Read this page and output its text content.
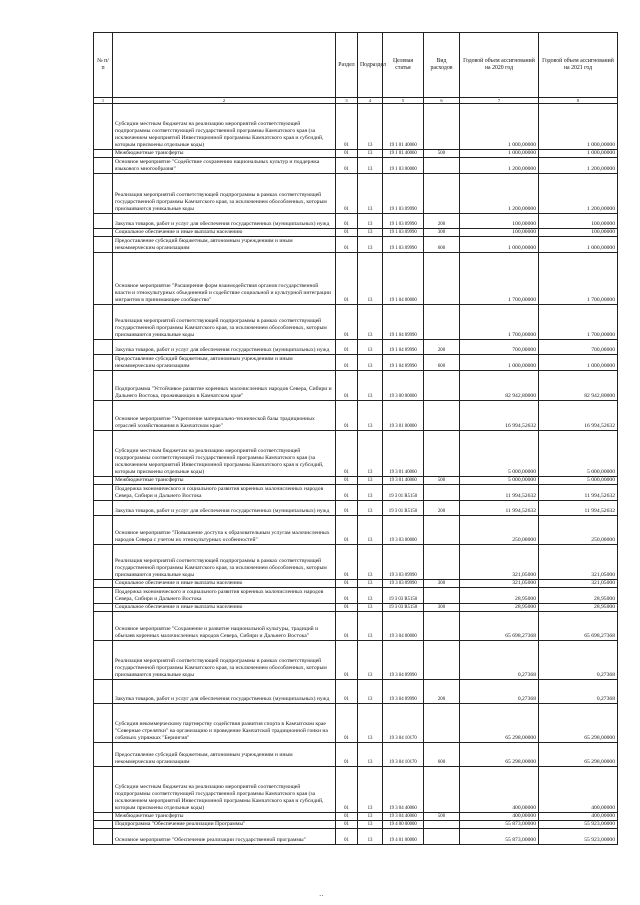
№ п/п		Раздел	Подраздел	Целевая статья	Вид расходов	Годовой объем ассигнований на 2020 год	Годовой объем ассигнований на 2021 год
1	2	3	4	5	6	7	8
	Субсидии местным бюджетам на реализацию мероприятий соответствующей подпрограммы соответствующей государственной программы Камчатского края (за исключением мероприятий Инвестиционной программы Камчатского края и субсидий, которым присвоены отдельные коды)	01	13	19 1 01 40060		1 000,00000	1 000,00000
	Межбюджетные трансферты	01	13	19 1 01 40060	500	1 000,00000	1 000,00000
	Основное мероприятие "Содействие сохранению национальных культур и поддержка языкового многообразия"	01	13	19 1 03 00000		1 200,00000	1 200,00000
	Реализация мероприятий соответствующей подпрограммы в рамках соответствующей государственной программы Камчатского края, за исключением обособленных, которым присваиваются уникальные коды	01	13	19 1 03 09990		1 200,00000	1 200,00000
	Закупка товаров, работ и услуг для обеспечения государственных (муниципальных) нужд	01	13	19 1 03 09990	200	100,00000	100,00000
	Социальное обеспечение и иные выплаты населению	01	13	19 1 03 09990	300	100,00000	100,00000
	Предоставление субсидий бюджетным, автономным учреждениям и иным некоммерческим организациям	01	13	19 1 03 09990	600	1 000,00000	1 000,00000
	Основное мероприятие "Расширение форм взаимодействия органов государственной власти и этнокультурных объединений и содействие социальной и культурной интеграции мигрантов в принимающее сообщество"	01	13	19 1 04 00000		1 700,00000	1 700,00000
	Реализация мероприятий соответствующей подпрограммы в рамках соответствующей государственной программы Камчатского края, за исключением обособленных, которым присваиваются уникальные коды	01	13	19 1 04 09990		1 700,00000	1 700,00000
	Закупка товаров, работ и услуг для обеспечения государственных (муниципальных) нужд	01	13	19 1 04 09990	200	700,00000	700,00000
	Предоставление субсидий бюджетным, автономным учреждениям и иным некоммерческим организациям	01	13	19 1 04 09990	600	1 000,00000	1 000,00000
	Подпрограмма "Устойчивое развитие коренных малочисленных народов Севера, Сибири и Дальнего Востока, проживающих в Камчатском крае"	01	13	19 3 00 00000		82 942,80000	82 942,80000
	Основное мероприятие "Укрепление материально-технической базы традиционных отраслей хозяйствования в Камчатском крае"	01	13	19 3 01 00000		16 994,52632	16 994,52632
	Субсидии местным бюджетам на реализацию мероприятий соответствующей подпрограммы соответствующей государственной программы Камчатского края (за исключением мероприятий Инвестиционной программы Камчатского края и субсидий, которым присвоены отдельные коды)	01	13	19 3 01 40060		5 000,00000	5 000,00000
	Межбюджетные трансферты	01	13	19 3 01 40060	500	5 000,00000	5 000,00000
	Поддержка экономического и социального развития коренных малочисленных народов Севера, Сибири и Дальнего Востока	01	13	19 3 01 R5150		11 994,52632	11 994,52632
	Закупка товаров, работ и услуг для обеспечения государственных (муниципальных) нужд	01	13	19 3 01 R5150	200	11 994,52632	11 994,52632
	Основное мероприятие "Повышение доступа к образовательным услугам малочисленных народов Севера с учетом их этнокультурных особенностей"	01	13	19 3 03 00000		250,00000	250,00000
	Реализация мероприятий соответствующей подпрограммы в рамках соответствующей государственной программы Камчатского края, за исключением обособленных, которым присваиваются уникальные коды	01	13	19 3 03 09990		321,05000	321,05000
	Социальное обеспечение и иные выплаты населению	01	13	19 3 03 09990	300	321,05000	321,05000
	Поддержка экономического и социального развития коренных малочисленных народов Севера, Сибири и Дальнего Востока	01	13	19 3 03 R5150		28,95000	28,95000
	Социальное обеспечение и иные выплаты населению	01	13	19 3 03 R5150	300	28,95000	28,95000
	Основное мероприятие "Сохранение и развитие национальной культуры, традиций и обычаев коренных малочисленных народов Севера, Сибири и Дальнего Востока"	01	13	19 3 04 00000		65 698,27368	65 698,27368
	Реализация мероприятий соответствующей подпрограммы в рамках соответствующей государственной программы Камчатского края, за исключением обособленных, которым присваиваются уникальные коды	01	13	19 3 04 09990		0,27368	0,27368
	Закупка товаров, работ и услуг для обеспечения государственных (муниципальных) нужд	01	13	19 3 04 09990	200	0,27368	0,27368
	Субсидия некоммерческому партнерству содействия развития спорта в Камчатском крае "Северные стрелятки" на организацию и проведение Камчатской традиционной гонки на собачьих упряжках "Берингия"	01	13	19 3 04 10170		65 298,00000	65 298,00000
	Предоставление субсидий бюджетным, автономным учреждениям и иным некоммерческим организациям	01	13	19 3 04 10170	600	65 298,00000	65 298,00000
	Субсидии местным бюджетам на реализацию мероприятий соответствующей подпрограммы соответствующей государственной программы Камчатского края (за исключением мероприятий Инвестиционной программы Камчатского края и субсидий, которым присвоены отдельные коды)	01	13	19 3 04 40060		400,00000	400,00000
	Межбюджетные трансферты	01	13	19 3 04 40060	500	400,00000	400,00000
	Подпрограмма "Обеспечение реализации Программы"	01	13	19 4 00 00000		55 873,00000	55 923,00000
	Основное мероприятие "Обеспечение реализации государственной программы"	01	13	19 4 01 00000		55 873,00000	55 923,00000
··
